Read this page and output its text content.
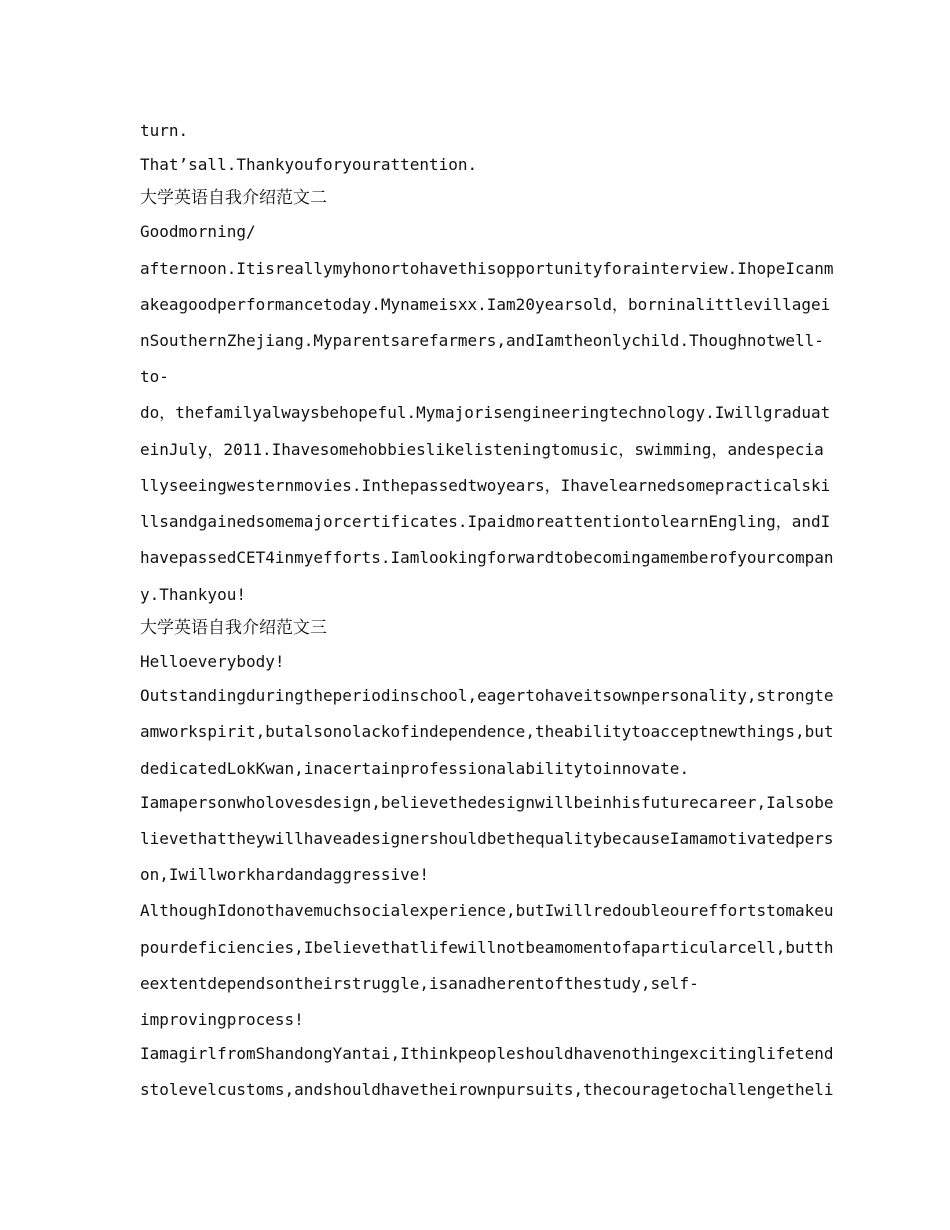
turn.
That’sall.Thankyouforyourattention.
大学英语自我介绍范文二
Goodmorning/
afternoon.Itisreallymyhonortohavethisopportunityforainterview.IhopeIcanm
akeagoodperformancetoday.Mynameisxx.Iam20yearsold，borninalittlevillagei
nSouthernZhejiang.Myparentsarefarmers,andIamtheonlychild.Thoughnotwell-
to-
do，thefamilyalwaysbehopeful.Mymajorisengineeringtechnology.Iwillgraduat
einJuly，2011.Ihavesomehobbieslikelisteningtomusic，swimming，andespecia
llyseeingwesternmovies.Inthepassedtwoyears，Ihavelearnedsomepracticalski
llsandgainedsomemajorcertificates.IpaidmoreattentiontolearnEngling，andI
havepassedCET4inmyefforts.Iamlookingforwardtobecomingamemberofyourcompan
y.Thankyou!
大学英语自我介绍范文三
Helloeverybody!
Outstandingduringtheperiodinschool,eagertohaveitsownpersonality,strongte
amworkspirit,butalsonolackofindependence,theabilitytoacceptnewthings,but
dedicatedLokKwan,inacertainprofessionalabilitytoinnovate.
Iamapersonwholovesdesign,believethedesignwillbeinhisfuturecareer,Ialsobe
lievethattheywillhaveadesignershouldbethequalitybecauseIamamotivatedpers
on,Iwillworkhardandaggressive!
AlthoughIdonothavemuchsocialexperience,butIwillredoubleoureffortstomakeu
pourdeficiencies,Ibelievethatlifewillnotbeamomentofaparticularcell,butth
eextentdependsontheirstruggle,isanadherentofthestudy,self-
improvingprocess!
IamagirlfromShandongYantai,Ithinkpeopleshouldhavenothingexcitinglifetend
stolevelcustoms,andshouldhavetheirownpursuits,thecouragetochallengetheli
